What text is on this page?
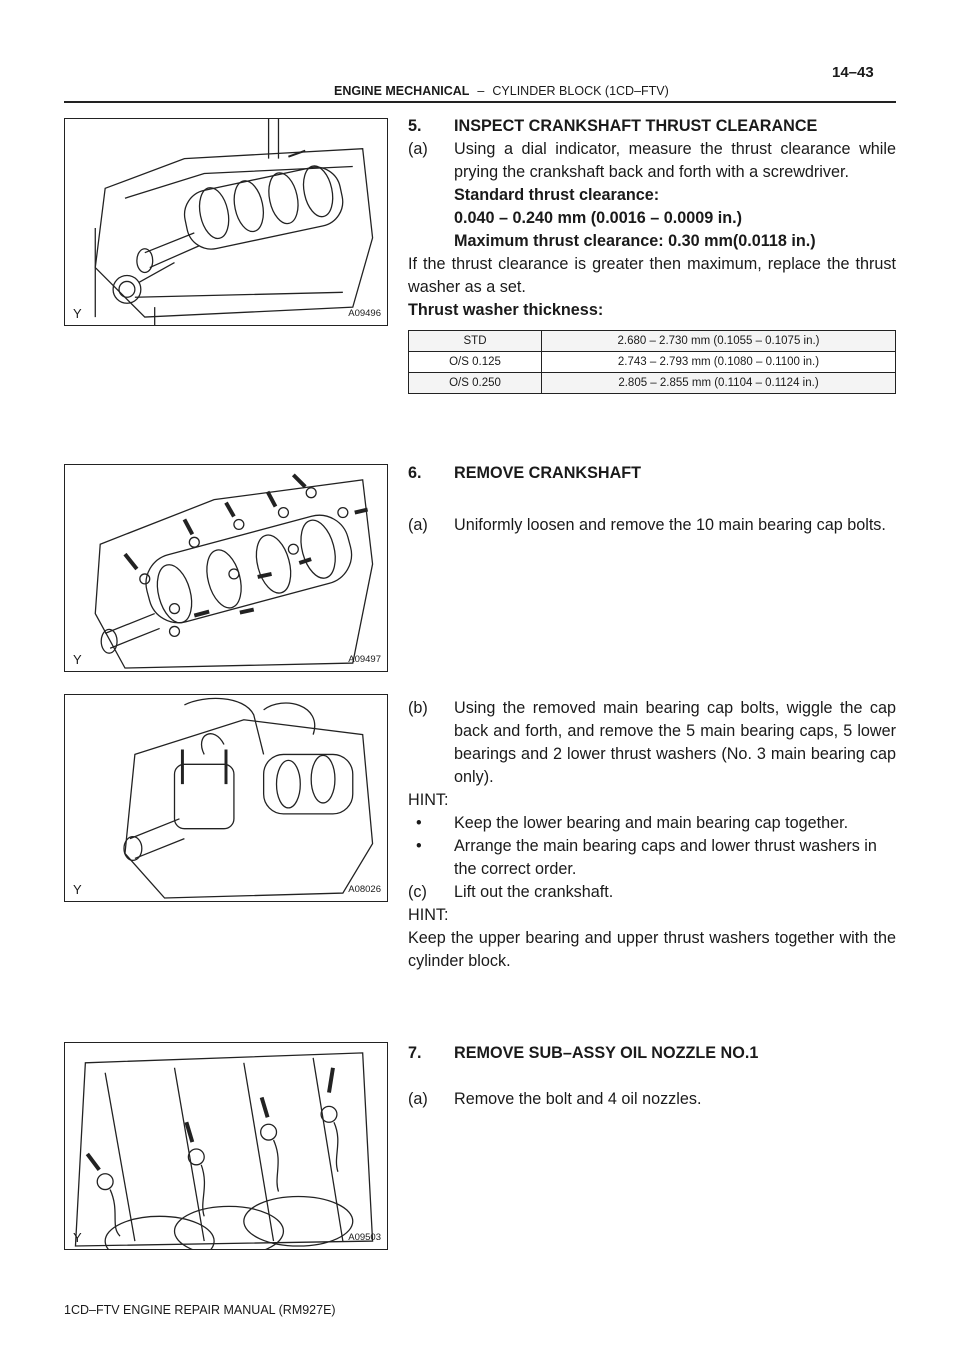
14–43
ENGINE MECHANICAL – CYLINDER BLOCK (1CD–FTV)
Y	A09496
Y	A09497
Y	A08026
Y	A09503

5.	INSPECT CRANKSHAFT THRUST CLEARANCE

(a)	Using a dial indicator, measure the thrust clearance while prying the crankshaft back and forth with a screwdriver.

Standard thrust clearance:

0.040 – 0.240 mm (0.0016 – 0.0009 in.)

Maximum thrust clearance: 0.30 mm(0.0118 in.)

If the thrust clearance is greater then maximum, replace the thrust washer as a set.

Thrust washer thickness:

STD	2.680 – 2.730 mm (0.1055 – 0.1075 in.)
O/S 0.125	2.743 – 2.793 mm (0.1080 – 0.1100 in.)
O/S 0.250	2.805 – 2.855 mm (0.1104 – 0.1124 in.)

6.	REMOVE CRANKSHAFT

(a)	Uniformly loosen and remove the 10 main bearing cap bolts.
(b)	Using the removed main bearing cap bolts, wiggle the cap back and forth, and remove the 5 main bearing caps, 5 lower bearings and 2 lower thrust washers (No. 3 main bearing cap only).

HINT:

•	Keep the lower bearing and main bearing cap together.
•	Arrange the main bearing caps and lower thrust washers in the correct order.
(c)	Lift out the crankshaft.

HINT:

Keep the upper bearing and upper thrust washers together with the cylinder block.

7.	REMOVE SUB–ASSY OIL NOZZLE NO.1

(a)	Remove the bolt and 4 oil nozzles.
1CD–FTV ENGINE REPAIR MANUAL (RM927E)
